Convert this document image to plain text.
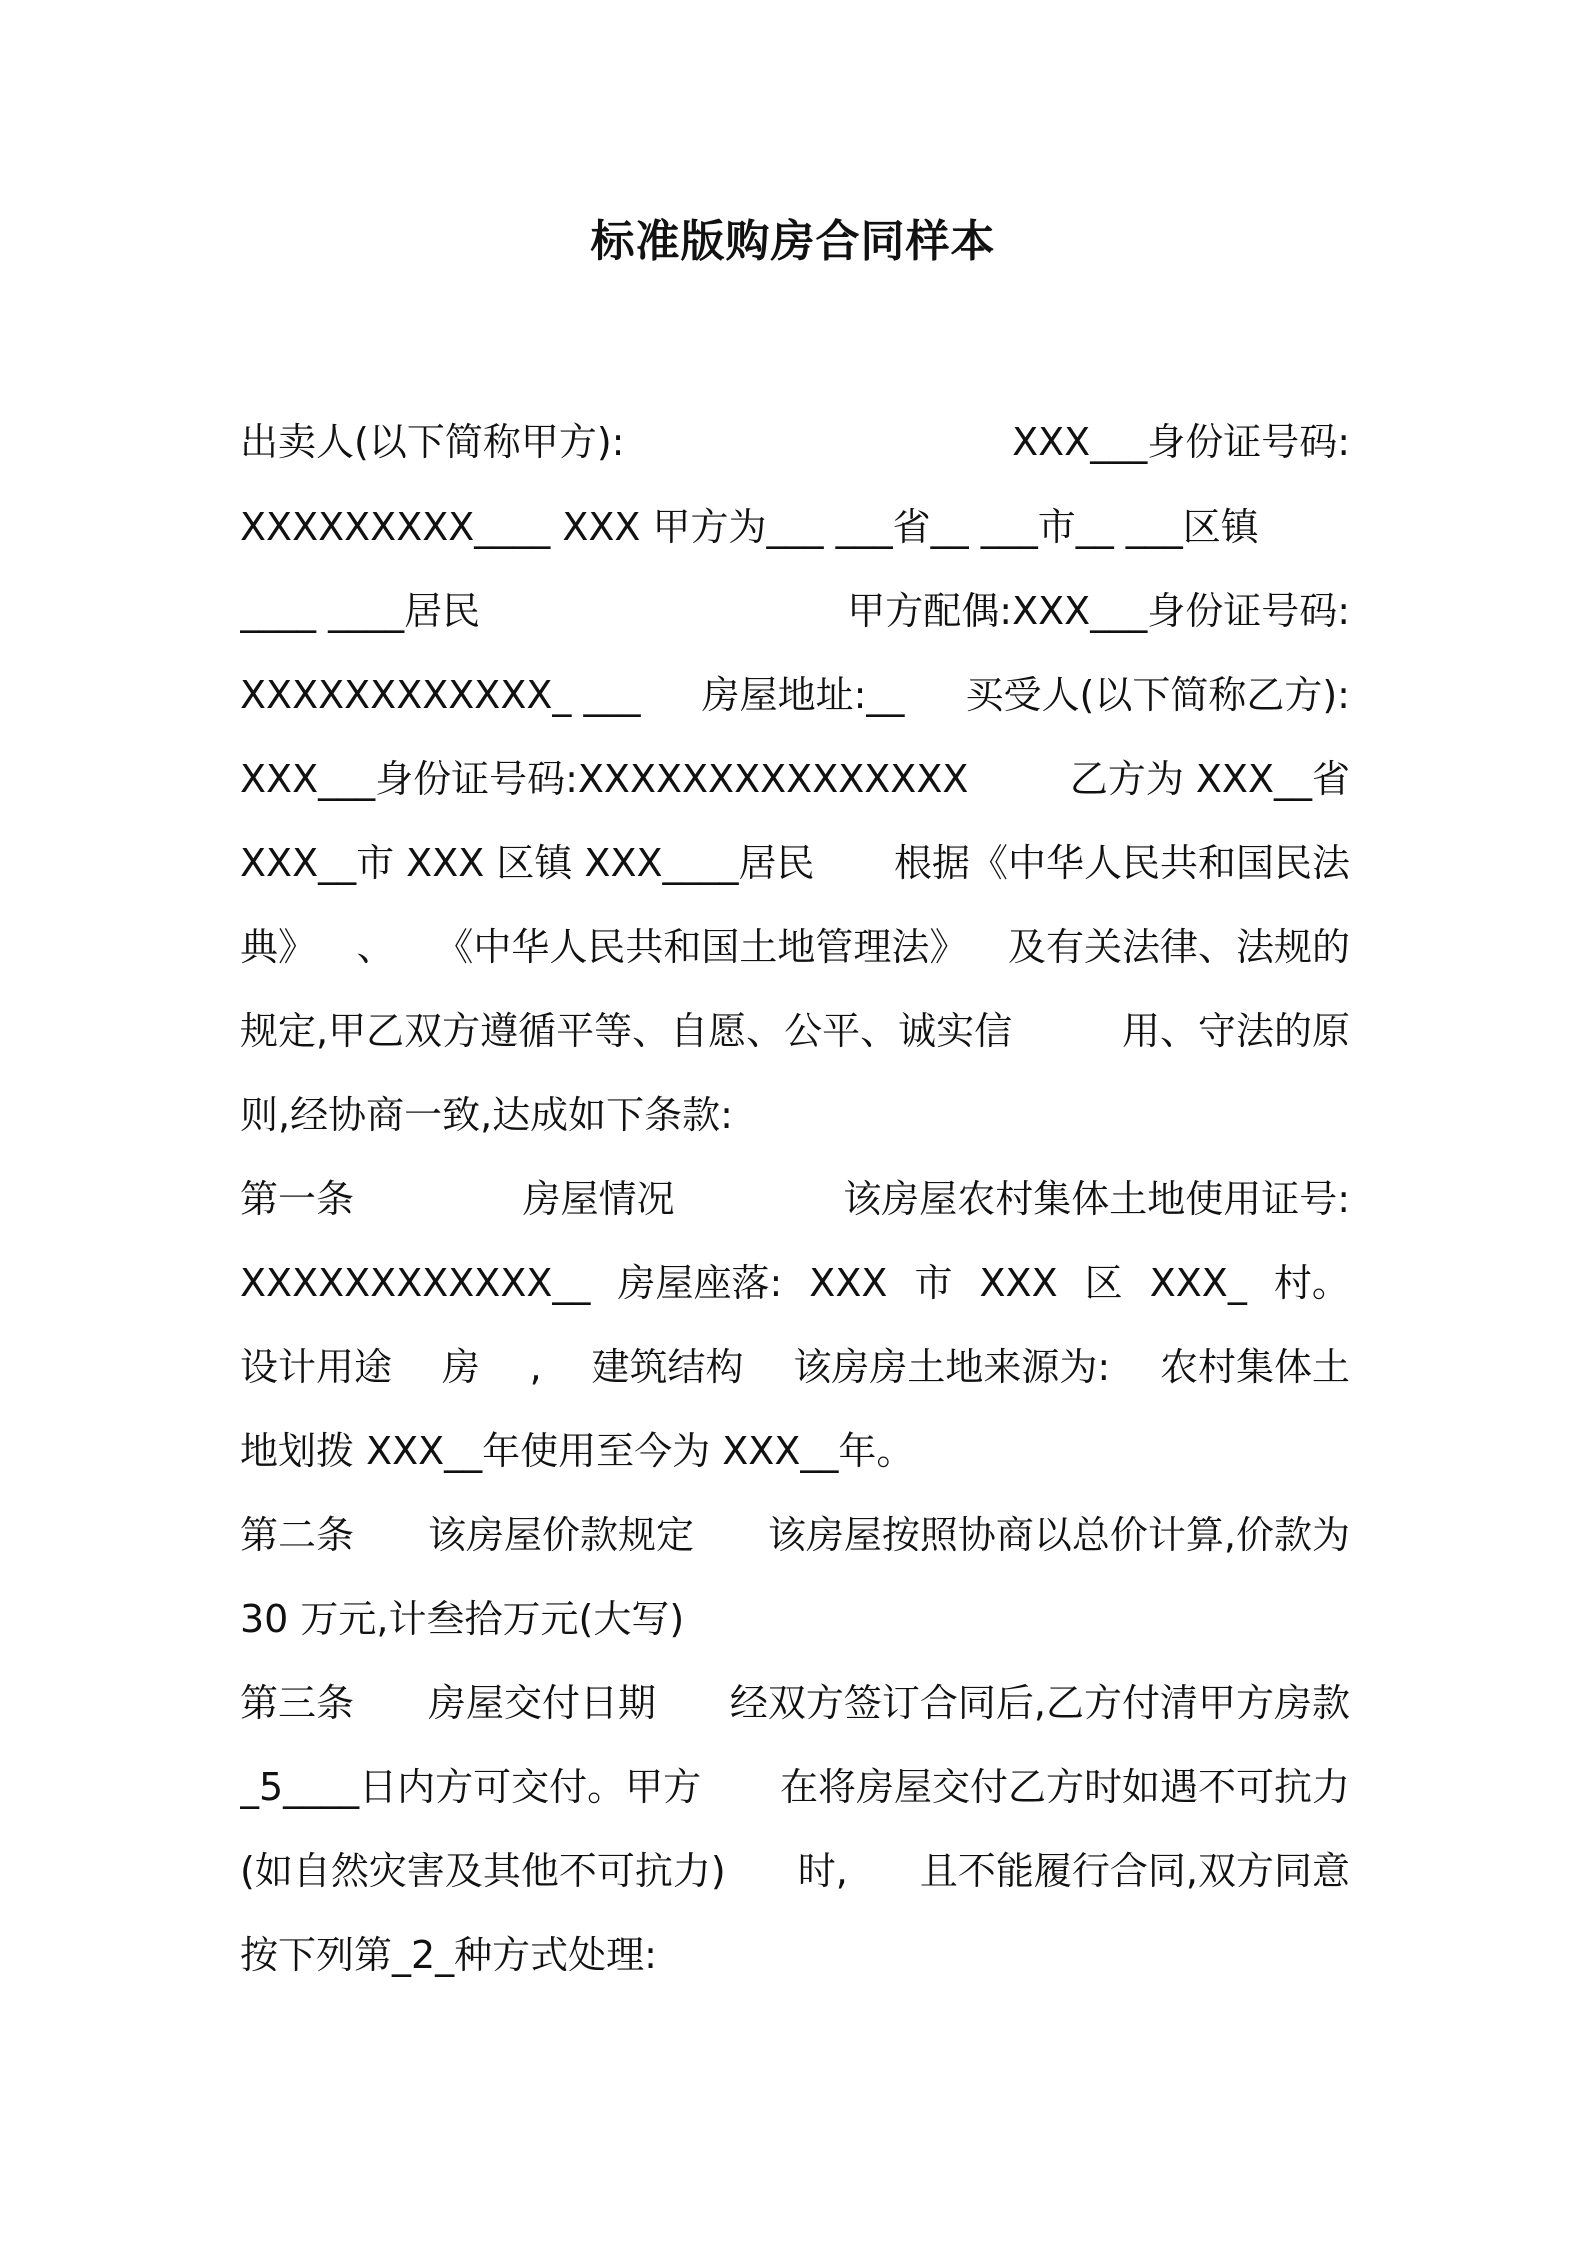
标准版购房合同样本
出卖人(以下简称甲方):	XXX___身份证号码:
XXXXXXXXX____ XXX 甲方为___ ___省__ ___市__ ___区镇
____ ____居民	甲方配偶:XXX___身份证号码:
XXXXXXXXXXXX_ ___ 房屋地址:__ 买受人(以下简称乙方):
XXX___身份证号码:XXXXXXXXXXXXXXX	乙方为 XXX__省
XXX__市 XXX 区镇 XXX____居民 根据《中华人民共和国民法
典》 、 《中华人民共和国土地管理法》 及有关法律、法规的
规定,甲乙双方遵循平等、自愿、公平、诚实信	用、守法的原
则,经协商一致,达成如下条款:
第一条	房屋情况	该房屋农村集体土地使用证号:
XXXXXXXXXXXX__ 房屋座落: XXX 市 XXX 区 XXX_ 村。
设计用途 房 , 建筑结构 该房房土地来源为: 农村集体土
地划拨 XXX__年使用至今为 XXX__年。
第二条 该房屋价款规定 该房屋按照协商以总价计算,价款为
30 万元,计叁拾万元(大写)
第三条 房屋交付日期 经双方签订合同后,乙方付清甲方房款
_5____日内方可交付。甲方 在将房屋交付乙方时如遇不可抗力
(如自然灾害及其他不可抗力) 时, 且不能履行合同,双方同意
按下列第_2_种方式处理:
